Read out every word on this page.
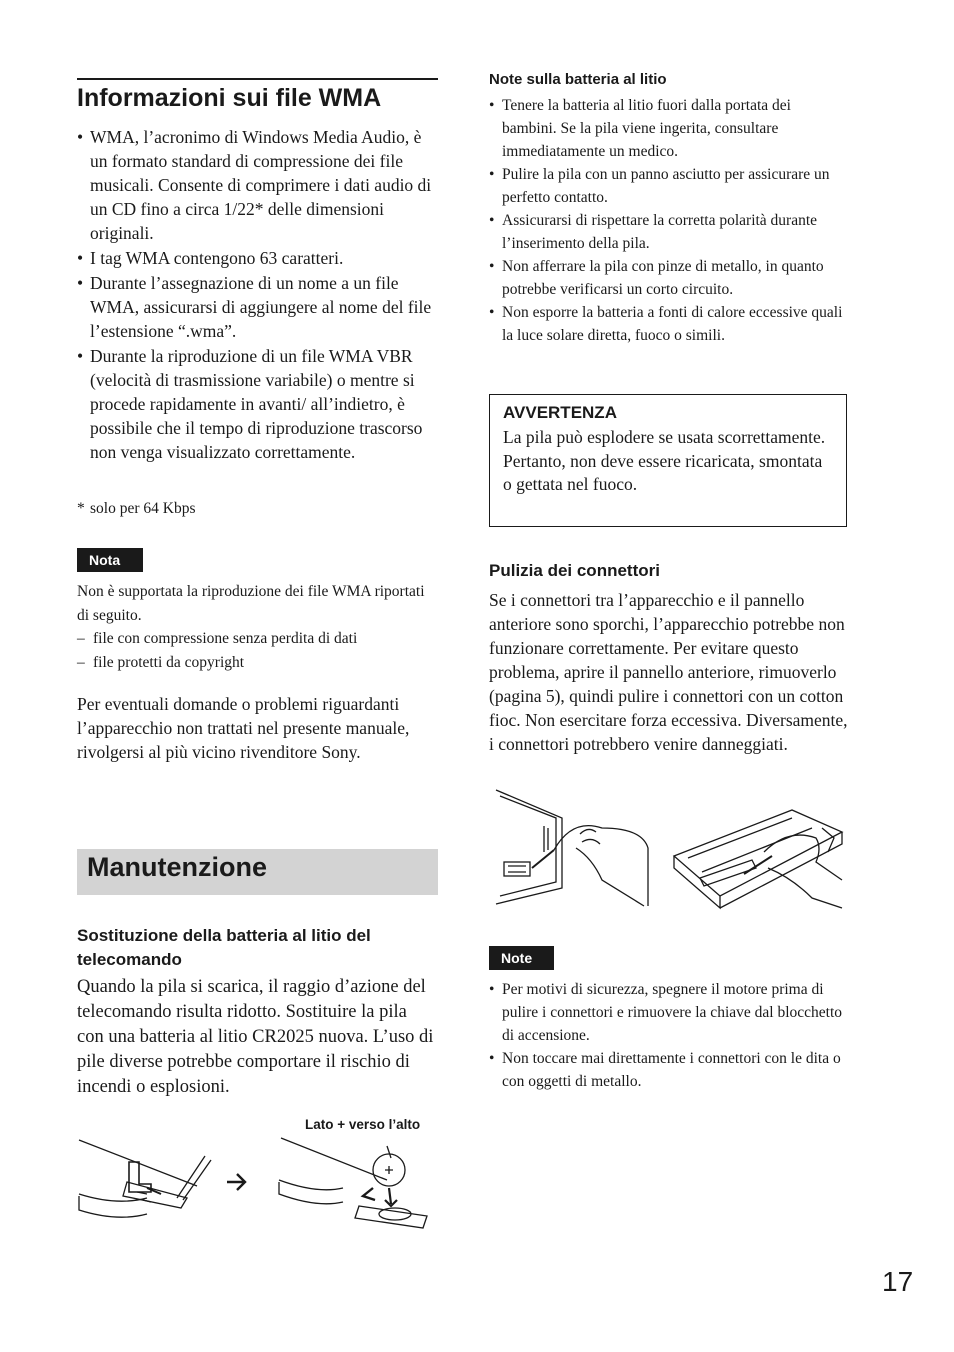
Informazioni sui file WMA
• WMA, l’acronimo di Windows Media Audio, è un formato standard di compressione dei file musicali. Consente di comprimere i dati audio di un CD fino a circa 1/22* delle dimensioni originali.
• I tag WMA contengono 63 caratteri.
• Durante l’assegnazione di un nome a un file WMA, assicurarsi di aggiungere al nome del file l’estensione “.wma”.
• Durante la riproduzione di un file WMA VBR (velocità di trasmissione variabile) o mentre si procede rapidamente in avanti/ all’indietro, è possibile che il tempo di riproduzione trascorso non venga visualizzato correttamente.
* solo per 64 Kbps
Nota
Non è supportata la riproduzione dei file WMA riportati di seguito.
– file con compressione senza perdita di dati
– file protetti da copyright

Per eventuali domande o problemi riguardanti l’apparecchio non trattati nel presente manuale, rivolgersi al più vicino rivenditore Sony.

Manutenzione
Sostituzione della batteria al litio del telecomando

Quando la pila si scarica, il raggio d’azione del telecomando risulta ridotto. Sostituire la pila con una batteria al litio CR2025 nuova. L’uso di pile diverse potrebbe comportare il rischio di incendi o esplosioni.

Lato + verso l’alto
Note sulla batteria al litio
• Tenere la batteria al litio fuori dalla portata dei bambini. Se la pila viene ingerita, consultare immediatamente un medico.
• Pulire la pila con un panno asciutto per assicurare un perfetto contatto.
• Assicurarsi di rispettare la corretta polarità durante l’inserimento della pila.
• Non afferrare la pila con pinze di metallo, in quanto potrebbe verificarsi un corto circuito.
• Non esporre la batteria a fonti di calore eccessive quali la luce solare diretta, fuoco o simili.
AVVERTENZA

La pila può esplodere se usata scorrettamente. Pertanto, non deve essere ricaricata, smontata o gettata nel fuoco.

Pulizia dei connettori

Se i connettori tra l’apparecchio e il pannello anteriore sono sporchi, l’apparecchio potrebbe non funzionare correttamente. Per evitare questo problema, aprire il pannello anteriore, rimuoverlo (pagina 5), quindi pulire i connettori con un cotton fioc. Non esercitare forza eccessiva. Diversamente, i connettori potrebbero venire danneggiati.

Note
• Per motivi di sicurezza, spegnere il motore prima di pulire i connettori e rimuovere la chiave dal blocchetto di accensione.
• Non toccare mai direttamente i connettori con le dita o con oggetti di metallo.
17
